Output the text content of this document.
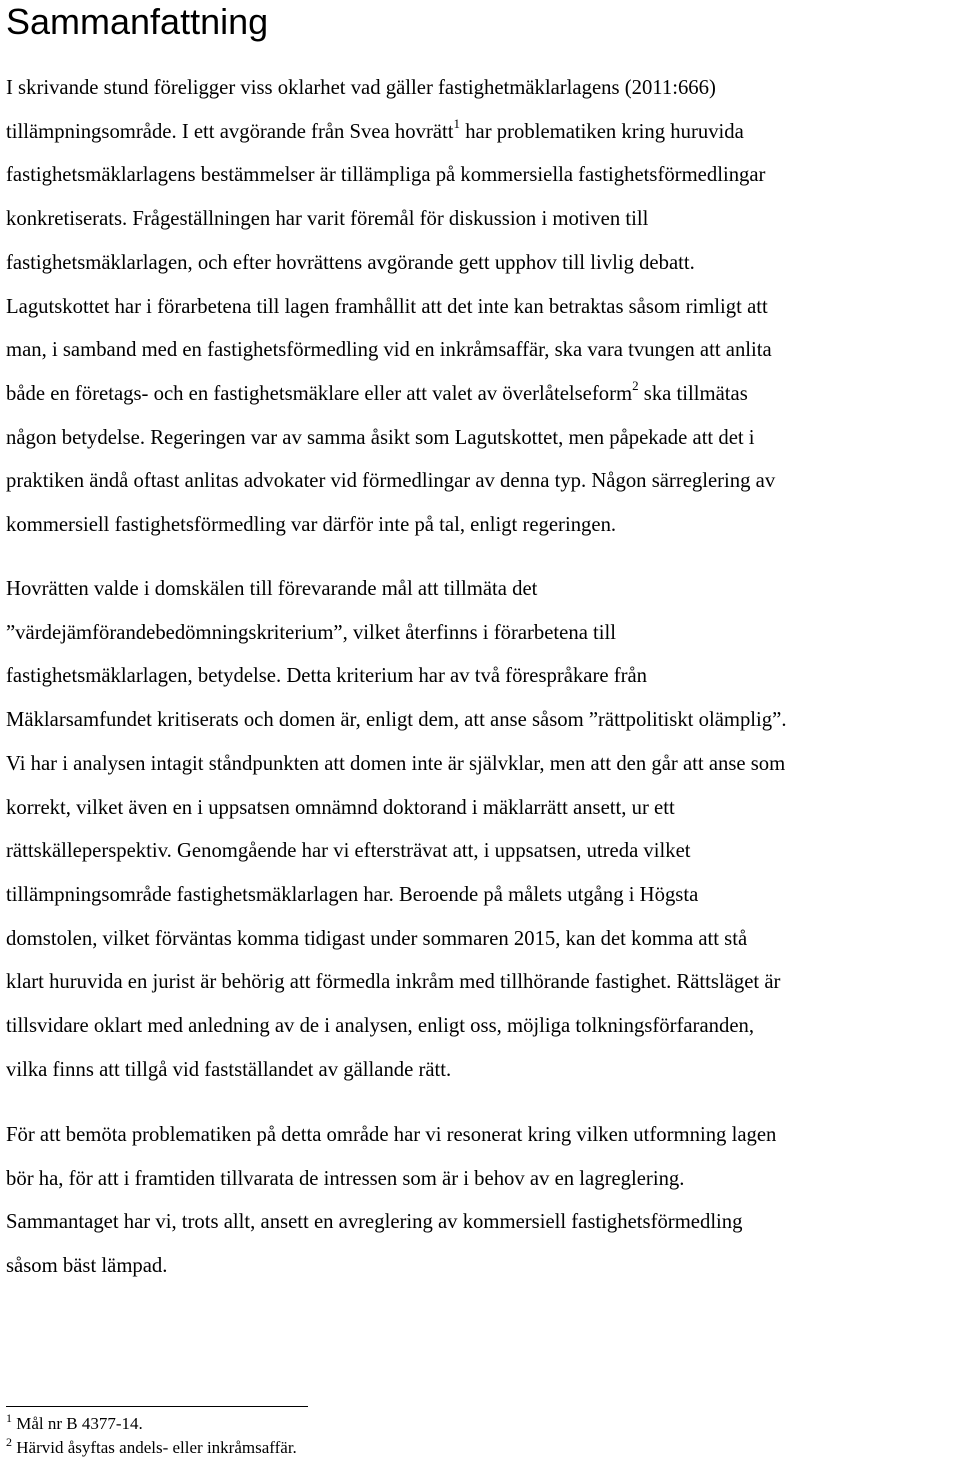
Sammanfattning

I skrivande stund föreligger viss oklarhet vad gäller fastighetmäklarlagens (2011:666)
tillämpningsområde. I ett avgörande från Svea hovrätt$^1$ har problematiken kring huruvida
fastighetsmäklarlagens bestämmelser är tillämpliga på kommersiella fastighetsförmedlingar
konkretiserats. Frågeställningen har varit föremål för diskussion i motiven till
fastighetsmäklarlagen, och efter hovrättens avgörande gett upphov till livlig debatt.
Lagutskottet har i förarbetena till lagen framhållit att det inte kan betraktas såsom rimligt att
man, i samband med en fastighetsförmedling vid en inkråmsaffär, ska vara tvungen att anlita
både en företags- och en fastighetsmäklare eller att valet av överlåtelseform$^2$ ska tillmätas
någon betydelse. Regeringen var av samma åsikt som Lagutskottet, men påpekade att det i
praktiken ändå oftast anlitas advokater vid förmedlingar av denna typ. Någon särreglering av
kommersiell fastighetsförmedling var därför inte på tal, enligt regeringen.

Hovrätten valde i domskälen till förevarande mål att tillmäta det
”värdejämförandebedömningskriterium”, vilket återfinns i förarbetena till
fastighetsmäklarlagen, betydelse. Detta kriterium har av två förespråkare från
Mäklarsamfundet kritiserats och domen är, enligt dem, att anse såsom ”rättpolitiskt olämplig”.
Vi har i analysen intagit ståndpunkten att domen inte är självklar, men att den går att anse som
korrekt, vilket även en i uppsatsen omnämnd doktorand i mäklarrätt ansett, ur ett
rättskälleperspektiv. Genomgående har vi eftersträvat att, i uppsatsen, utreda vilket
tillämpningsområde fastighetsmäklarlagen har. Beroende på målets utgång i Högsta
domstolen, vilket förväntas komma tidigast under sommaren 2015, kan det komma att stå
klart huruvida en jurist är behörig att förmedla inkråm med tillhörande fastighet. Rättsläget är
tillsvidare oklart med anledning av de i analysen, enligt oss, möjliga tolkningsförfaranden,
vilka finns att tillgå vid fastställandet av gällande rätt.

För att bemöta problematiken på detta område har vi resonerat kring vilken utformning lagen
bör ha, för att i framtiden tillvarata de intressen som är i behov av en lagreglering.
Sammantaget har vi, trots allt, ansett en avreglering av kommersiell fastighetsförmedling
såsom bäst lämpad.

$^1$ Mål nr B 4377-14.
$^2$ Härvid åsyftas andels- eller inkråmsaffär.
